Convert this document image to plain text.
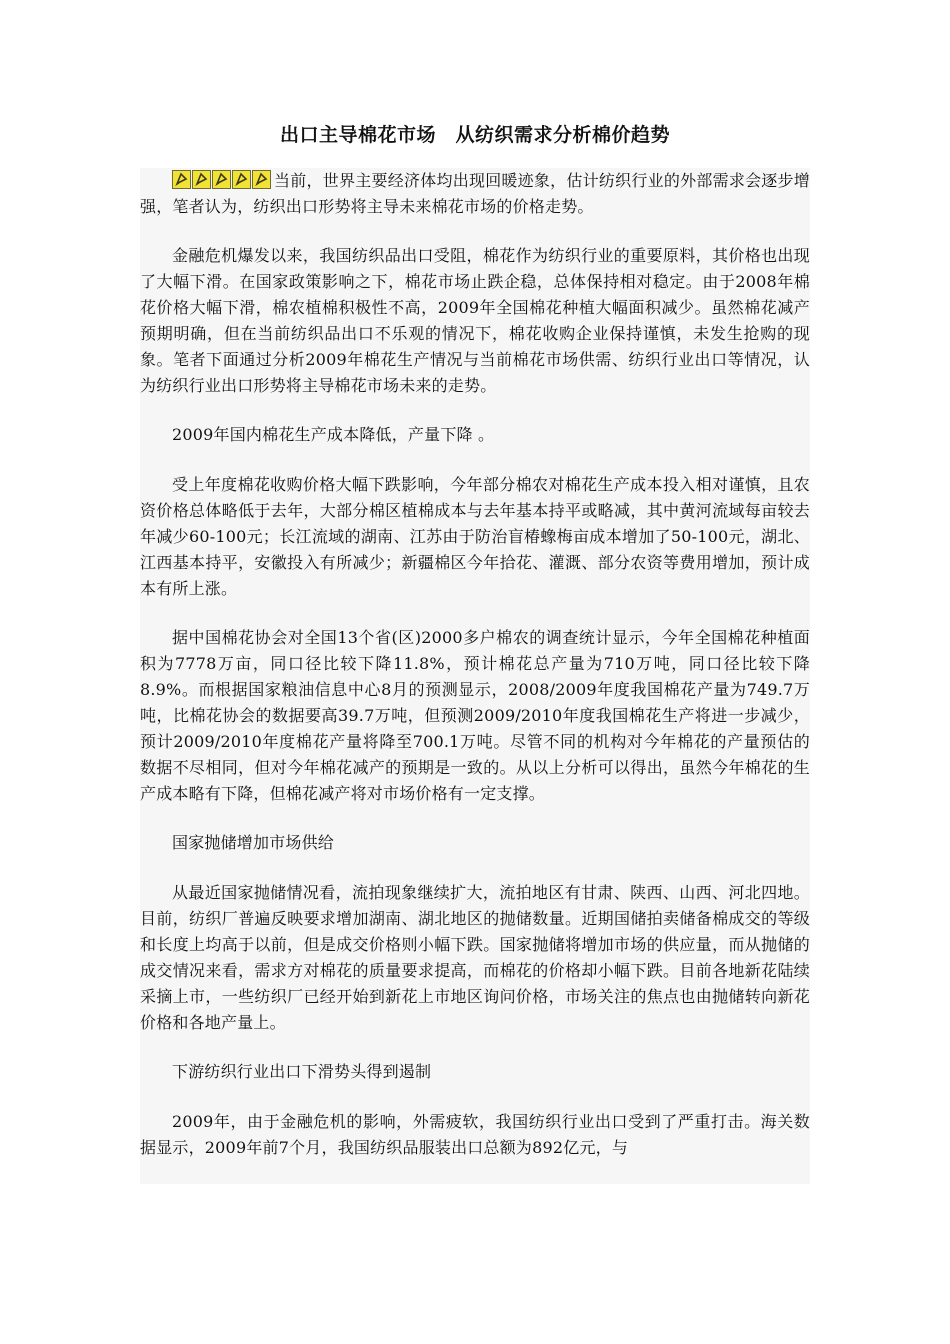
出口主导棉花市场　从纺织需求分析棉价趋势

当前，世界主要经济体均出现回暖迹象，估计纺织行业的外部需求会逐步增强，笔者认为，纺织出口形势将主导未来棉花市场的价格走势。

金融危机爆发以来，我国纺织品出口受阻，棉花作为纺织行业的重要原料，其价格也出现了大幅下滑。在国家政策影响之下，棉花市场止跌企稳，总体保持相对稳定。由于2008年棉花价格大幅下滑，棉农植棉积极性不高，2009年全国棉花种植大幅面积减少。虽然棉花减产预期明确，但在当前纺织品出口不乐观的情况下，棉花收购企业保持谨慎，未发生抢购的现象。笔者下面通过分析2009年棉花生产情况与当前棉花市场供需、纺织行业出口等情况，认为纺织行业出口形势将主导棉花市场未来的走势。

2009年国内棉花生产成本降低，产量下降 。

受上年度棉花收购价格大幅下跌影响，今年部分棉农对棉花生产成本投入相对谨慎，且农资价格总体略低于去年，大部分棉区植棉成本与去年基本持平或略减，其中黄河流域每亩较去年减少60-100元；长江流域的湖南、江苏由于防治盲椿蟓梅亩成本增加了50-100元，湖北、江西基本持平，安徽投入有所减少；新疆棉区今年拾花、灌溉、部分农资等费用增加，预计成本有所上涨。

据中国棉花协会对全国13个省(区)2000多户棉农的调查统计显示，今年全国棉花种植面积为7778万亩，同口径比较下降11.8%，预计棉花总产量为710万吨，同口径比较下降8.9%。而根据国家粮油信息中心8月的预测显示，2008/2009年度我国棉花产量为749.7万吨，比棉花协会的数据要高39.7万吨，但预测2009/2010年度我国棉花生产将进一步减少，预计2009/2010年度棉花产量将降至700.1万吨。尽管不同的机构对今年棉花的产量预估的数据不尽相同，但对今年棉花减产的预期是一致的。从以上分析可以得出，虽然今年棉花的生产成本略有下降，但棉花减产将对市场价格有一定支撑。

国家抛储增加市场供给

从最近国家抛储情况看，流拍现象继续扩大，流拍地区有甘肃、陕西、山西、河北四地。目前，纺织厂普遍反映要求增加湖南、湖北地区的抛储数量。近期国储拍卖储备棉成交的等级和长度上均高于以前，但是成交价格则小幅下跌。国家抛储将增加市场的供应量，而从抛储的成交情况来看，需求方对棉花的质量要求提高，而棉花的价格却小幅下跌。目前各地新花陆续采摘上市，一些纺织厂已经开始到新花上市地区询问价格，市场关注的焦点也由抛储转向新花价格和各地产量上。

下游纺织行业出口下滑势头得到遏制

2009年，由于金融危机的影响，外需疲软，我国纺织行业出口受到了严重打击。海关数据显示，2009年前7个月，我国纺织品服装出口总额为892亿元，与
